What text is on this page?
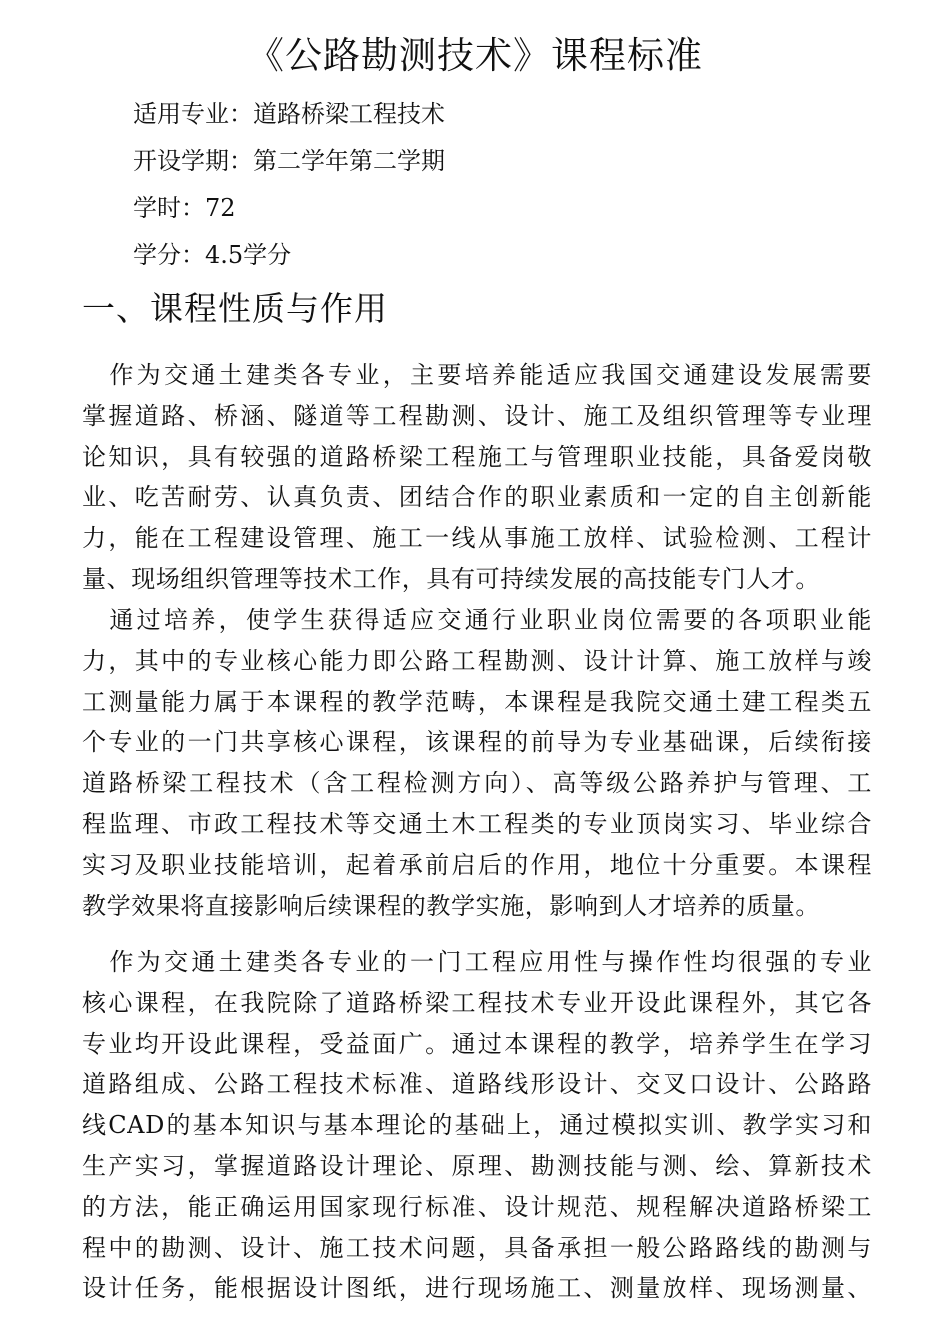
《公路勘测技术》课程标准
适用专业：道路桥梁工程技术
开设学期：第二学年第二学期
学时：72
学分：4.5学分
一、课程性质与作用
　作为交通土建类各专业，主要培养能适应我国交通建设发展需要
掌握道路、桥涵、隧道等工程勘测、设计、施工及组织管理等专业理
论知识，具有较强的道路桥梁工程施工与管理职业技能，具备爱岗敬
业、吃苦耐劳、认真负责、团结合作的职业素质和一定的自主创新能
力，能在工程建设管理、施工一线从事施工放样、试验检测、工程计
量、现场组织管理等技术工作，具有可持续发展的高技能专门人才。
　通过培养，使学生获得适应交通行业职业岗位需要的各项职业能
力，其中的专业核心能力即公路工程勘测、设计计算、施工放样与竣
工测量能力属于本课程的教学范畴，本课程是我院交通土建工程类五
个专业的一门共享核心课程，该课程的前导为专业基础课，后续衔接
道路桥梁工程技术（含工程检测方向）、高等级公路养护与管理、工
程监理、市政工程技术等交通土木工程类的专业顶岗实习、毕业综合
实习及职业技能培训，起着承前启后的作用，地位十分重要。本课程
教学效果将直接影响后续课程的教学实施，影响到人才培养的质量。
　作为交通土建类各专业的一门工程应用性与操作性均很强的专业
核心课程，在我院除了道路桥梁工程技术专业开设此课程外，其它各
专业均开设此课程，受益面广。通过本课程的教学，培养学生在学习
道路组成、公路工程技术标准、道路线形设计、交叉口设计、公路路
线CAD的基本知识与基本理论的基础上，通过模拟实训、教学实习和
生产实习，掌握道路设计理论、原理、勘测技能与测、绘、算新技术
的方法，能正确运用国家现行标准、设计规范、规程解决道路桥梁工
程中的勘测、设计、施工技术问题，具备承担一般公路路线的勘测与
设计任务，能根据设计图纸，进行现场施工、测量放样、现场测量、
